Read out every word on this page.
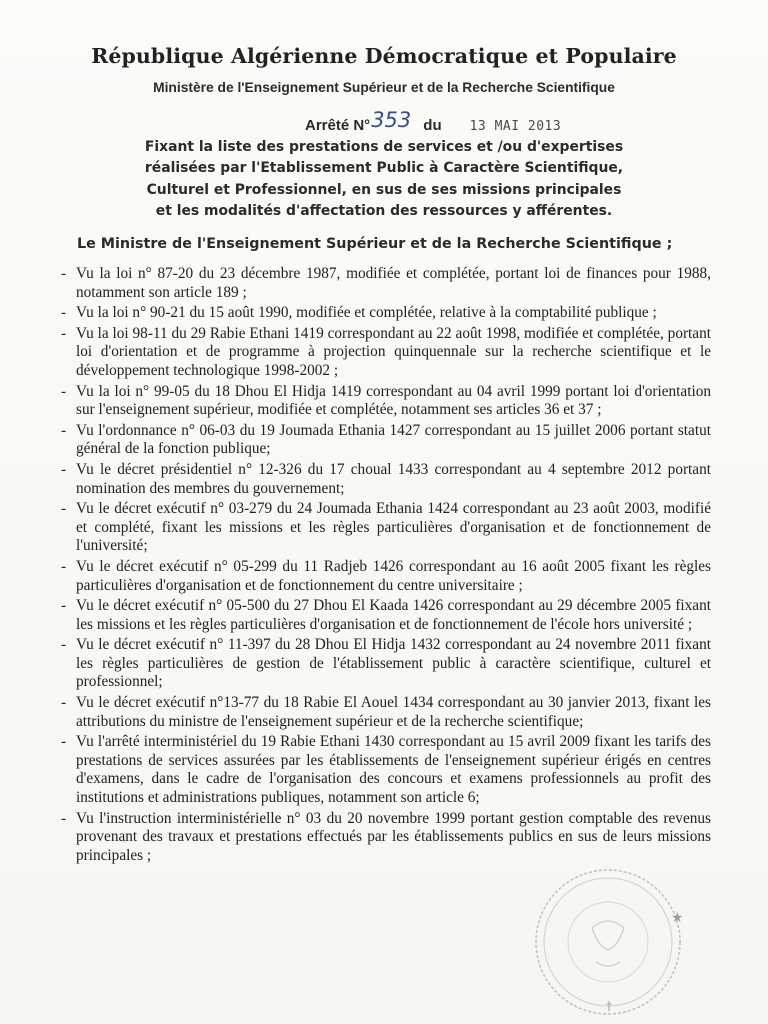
République Algérienne Démocratique et Populaire
Ministère de l'Enseignement Supérieur et de la Recherche Scientifique
Arrêté N°353 du 13 MAI 2013
Fixant la liste des prestations de services et /ou d'expertises
réalisées par l'Etablissement Public à Caractère Scientifique,
Culturel et Professionnel, en sus de ses missions principales
et les modalités d'affectation des ressources y afférentes.
Le Ministre de l'Enseignement Supérieur et de la Recherche Scientifique ;
- Vu la loi n° 87-20 du 23 décembre 1987, modifiée et complétée, portant loi de finances pour 1988, notamment son article 189 ;
- Vu la loi n° 90-21 du 15 août 1990, modifiée et complétée, relative à la comptabilité publique ;
- Vu la loi 98-11 du 29 Rabie Ethani 1419 correspondant au 22 août 1998, modifiée et complétée, portant loi d'orientation et de programme à projection quinquennale sur la recherche scientifique et le développement technologique 1998-2002 ;
- Vu la loi n° 99-05 du 18 Dhou El Hidja 1419 correspondant au 04 avril 1999 portant loi d'orientation sur l'enseignement supérieur, modifiée et complétée, notamment ses articles 36 et 37 ;
- Vu l'ordonnance n° 06-03 du 19 Joumada Ethania 1427 correspondant au 15 juillet 2006 portant statut général de la fonction publique;
- Vu le décret présidentiel n° 12-326 du 17 choual 1433 correspondant au 4 septembre 2012 portant nomination des membres du gouvernement;
- Vu le décret exécutif n° 03-279 du 24 Joumada Ethania 1424 correspondant au 23 août 2003, modifié et complété, fixant les missions et les règles particulières d'organisation et de fonctionnement de l'université;
- Vu le décret exécutif n° 05-299 du 11 Radjeb 1426 correspondant au 16 août 2005 fixant les règles particulières d'organisation et de fonctionnement du centre universitaire ;
- Vu le décret exécutif n° 05-500 du 27 Dhou El Kaada 1426 correspondant au 29 décembre 2005 fixant les missions et les règles particulières d'organisation et de fonctionnement de l'école hors université ;
- Vu le décret exécutif n° 11-397 du 28 Dhou El Hidja 1432 correspondant au 24 novembre 2011 fixant les règles particulières de gestion de l'établissement public à caractère scientifique, culturel et professionnel;
- Vu le décret exécutif n°13-77 du 18 Rabie El Aouel 1434 correspondant au 30 janvier 2013, fixant les attributions du ministre de l'enseignement supérieur et de la recherche scientifique;
- Vu l'arrêté interministériel du 19 Rabie Ethani 1430 correspondant au 15 avril 2009 fixant les tarifs des prestations de services assurées par les établissements de l'enseignement supérieur érigés en centres d'examens, dans le cadre de l'organisation des concours et examens professionnels au profit des institutions et administrations publiques, notamment son article 6;
- Vu l'instruction interministérielle n° 03 du 20 novembre 1999 portant gestion comptable des revenus provenant des travaux et prestations effectués par les établissements publics en sus de leurs missions principales ;
★
†
